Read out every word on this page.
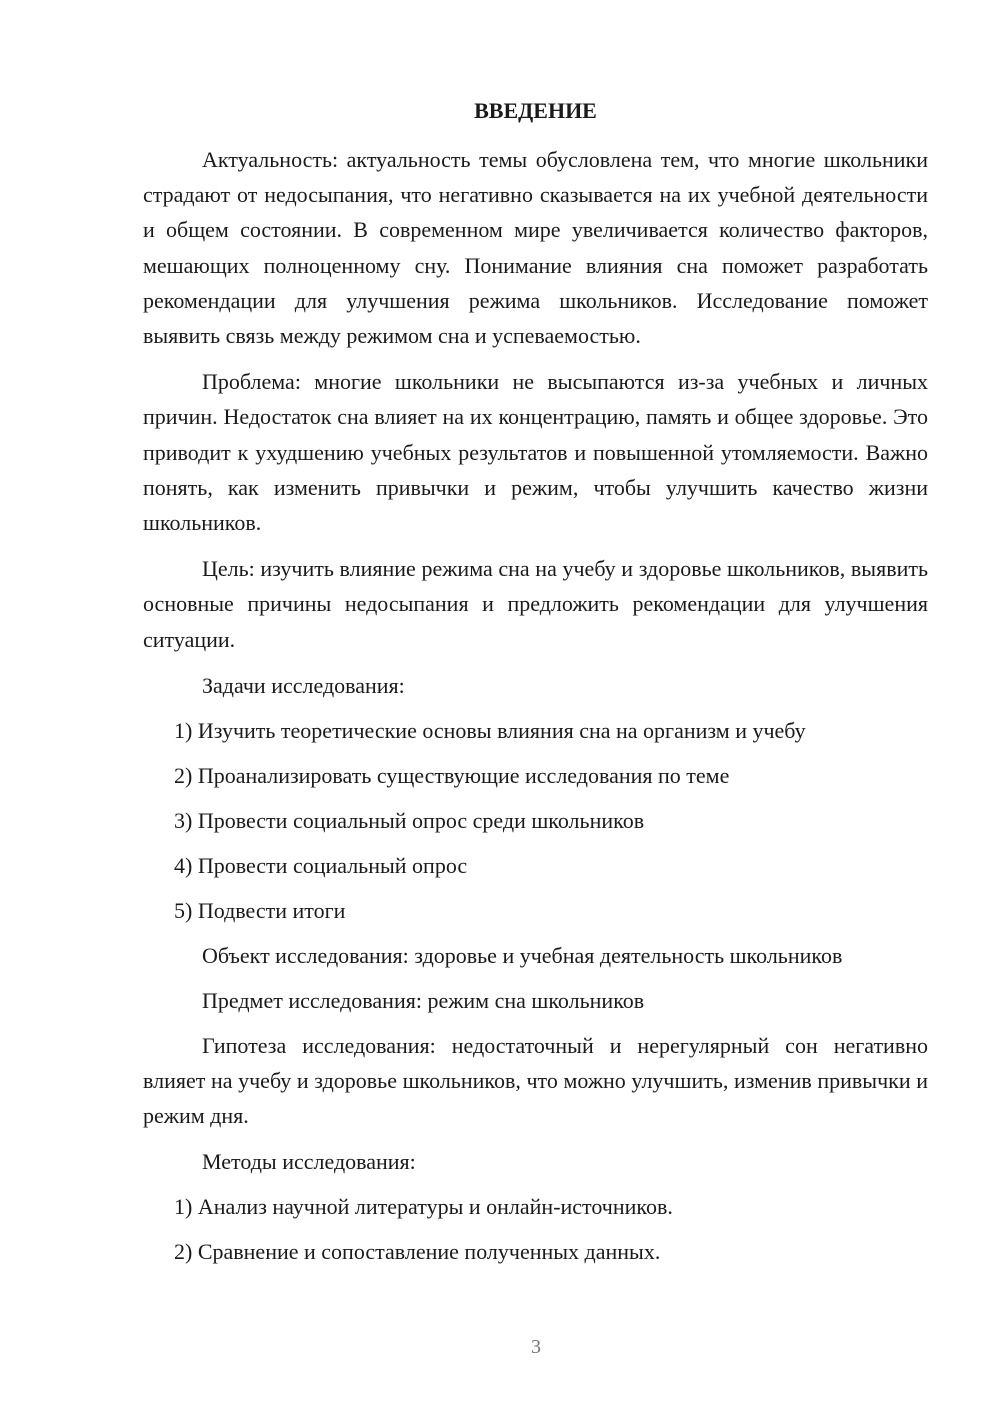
ВВЕДЕНИЕ

Актуальность: актуальность темы обусловлена тем, что многие школьники страдают от недосыпания, что негативно сказывается на их учебной деятельности и общем состоянии. В современном мире увеличивается количество факторов, мешающих полноценному сну. Понимание влияния сна поможет разработать рекомендации для улучшения режима школьников. Исследование поможет выявить связь между режимом сна и успеваемостью.

Проблема: многие школьники не высыпаются из-за учебных и личных причин. Недостаток сна влияет на их концентрацию, память и общее здоровье. Это приводит к ухудшению учебных результатов и повышенной утомляемости. Важно понять, как изменить привычки и режим, чтобы улучшить качество жизни школьников.

Цель: изучить влияние режима сна на учебу и здоровье школьников, выявить основные причины недосыпания и предложить рекомендации для улучшения ситуации.

Задачи исследования:

1) Изучить теоретические основы влияния сна на организм и учебу

2) Проанализировать существующие исследования по теме

3) Провести социальный опрос среди школьников

4) Провести социальный опрос

5) Подвести итоги

Объект исследования: здоровье и учебная деятельность школьников

Предмет исследования: режим сна школьников

Гипотеза исследования: недостаточный и нерегулярный сон негативно влияет на учебу и здоровье школьников, что можно улучшить, изменив привычки и режим дня.

Методы исследования:

1) Анализ научной литературы и онлайн-источников.

2) Сравнение и сопоставление полученных данных.

3
